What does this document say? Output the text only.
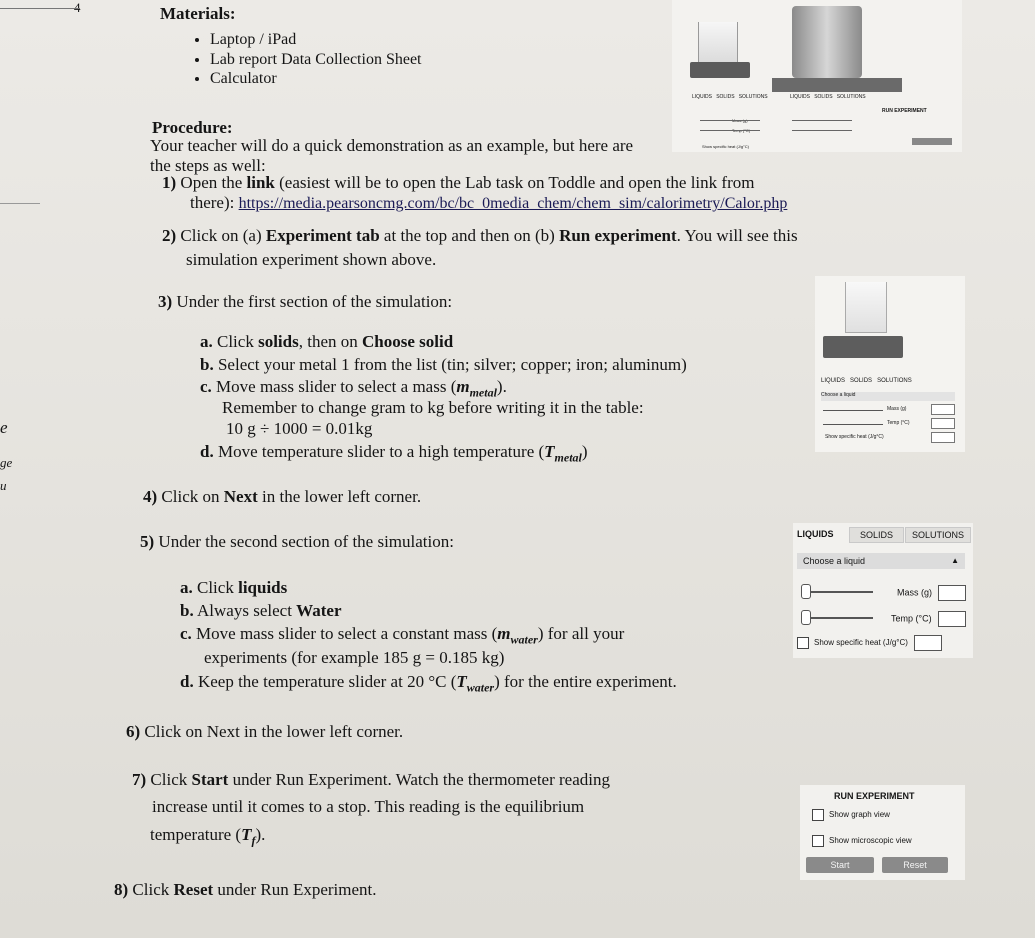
e
ge
u
Materials:
• Laptop / iPad
• Lab report Data Collection Sheet
• Calculator
LIQUIDS SOLIDS SOLUTIONS	LIQUIDS SOLIDS SOLUTIONS
RUN EXPERIMENT
Show specific heat (J/g°C)
Procedure:
Your teacher will do a quick demonstration as an example, but here are
the steps as well:
1) Open the link (easiest will be to open the Lab task on Toddle and open the link from
there): https://media.pearsoncmg.com/bc/bc_0media_chem/chem_sim/calorimetry/Calor.php
2) Click on (a) Experiment tab at the top and then on (b) Run experiment. You will see this
simulation experiment shown above.
3) Under the first section of the simulation:
a. Click solids, then on Choose solid
b. Select your metal 1 from the list (tin; silver; copper; iron; aluminum)
c. Move mass slider to select a mass $(m_{metal})$.
Remember to change gram to kg before writing it in the table:
10 g ÷ 1000 = 0.01kg
d. Move temperature slider to a high temperature $(T_{metal})$
LIQUIDS SOLIDS SOLUTIONS
Choose a liquid
Mass (g)
Temp (°C)
Show specific heat (J/g°C)
4) Click on Next in the lower left corner.
5) Under the second section of the simulation:
a. Click liquids
b. Always select Water
c. Move mass slider to select a constant mass $(m_{water})$ for all your
experiments (for example 185 g = 0.185 kg)
d. Keep the temperature slider at 20 °C $(T_{water})$ for the entire experiment.
LIQUIDS	SOLIDS	SOLUTIONS
Choose a liquid	▲
Mass (g)
Temp (°C)
Show specific heat (J/g°C)
6) Click on Next in the lower left corner.
7) Click Start under Run Experiment. Watch the thermometer reading
increase until it comes to a stop. This reading is the equilibrium
temperature $(T_f)$.
RUN EXPERIMENT
Show graph view
Show microscopic view
Start	Reset
8) Click Reset under Run Experiment.
